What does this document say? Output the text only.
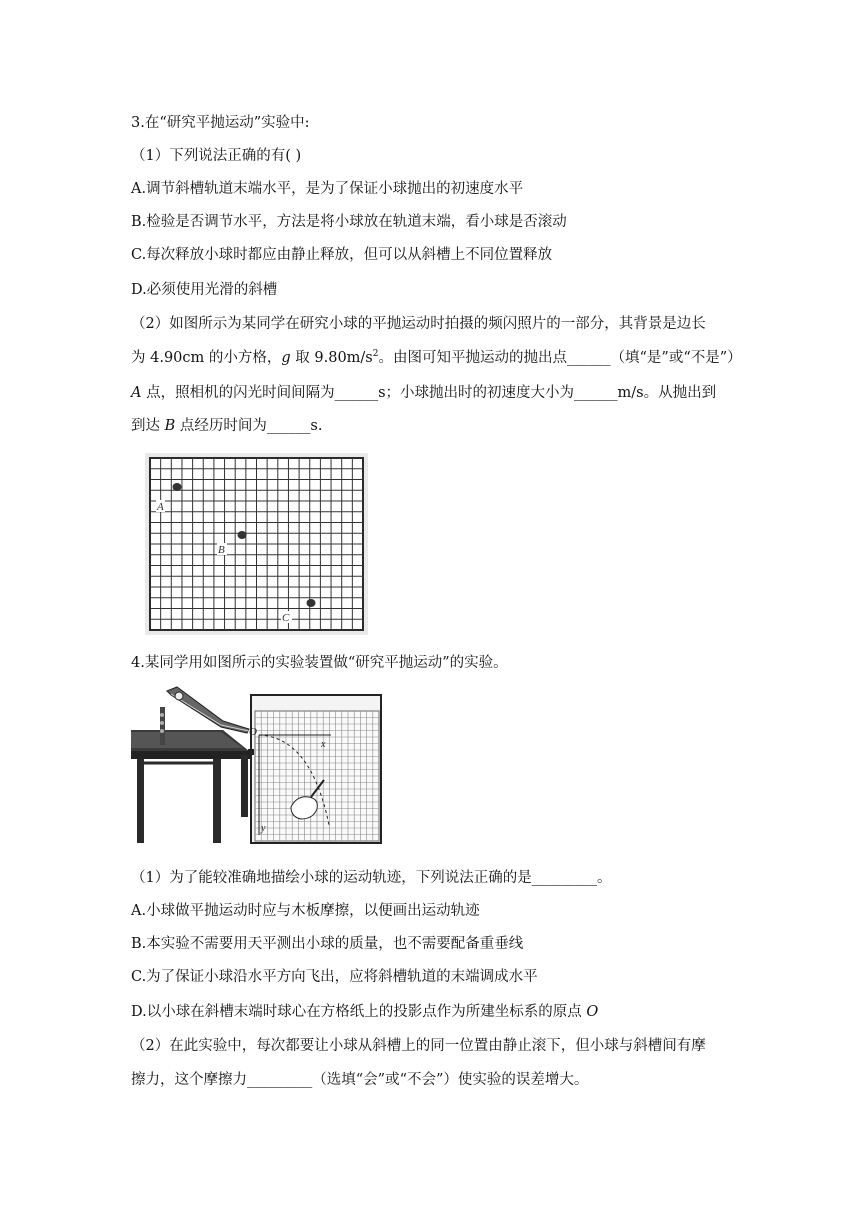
3.在“研究平抛运动”实验中:
（1）下列说法正确的有( )
A.调节斜槽轨道末端水平，是为了保证小球抛出的初速度水平
B.检验是否调节水平，方法是将小球放在轨道末端，看小球是否滚动
C.每次释放小球时都应由静止释放，但可以从斜槽上不同位置释放
D.必须使用光滑的斜槽
（2）如图所示为某同学在研究小球的平抛运动时拍摄的频闪照片的一部分，其背景是边长
为 4.90cm 的小方格，g 取 $9.80m/s^2$。由图可知平抛运动的抛出点______（填“是”或“不是”）
A 点，照相机的闪光时间间隔为______s；小球抛出时的初速度大小为______m/s。从抛出到
到达 B 点经历时间为______s.
A
B
C
4.某同学用如图所示的实验装置做“研究平抛运动”的实验。
O
x
y
（1）为了能较准确地描绘小球的运动轨迹，下列说法正确的是_________。
A.小球做平抛运动时应与木板摩擦，以便画出运动轨迹
B.本实验不需要用天平测出小球的质量，也不需要配备重垂线
C.为了保证小球沿水平方向飞出，应将斜槽轨道的末端调成水平
D.以小球在斜槽末端时球心在方格纸上的投影点作为所建坐标系的原点 O
（2）在此实验中，每次都要让小球从斜槽上的同一位置由静止滚下，但小球与斜槽间有摩
擦力，这个摩擦力_________（选填“会”或“不会”）使实验的误差增大。
